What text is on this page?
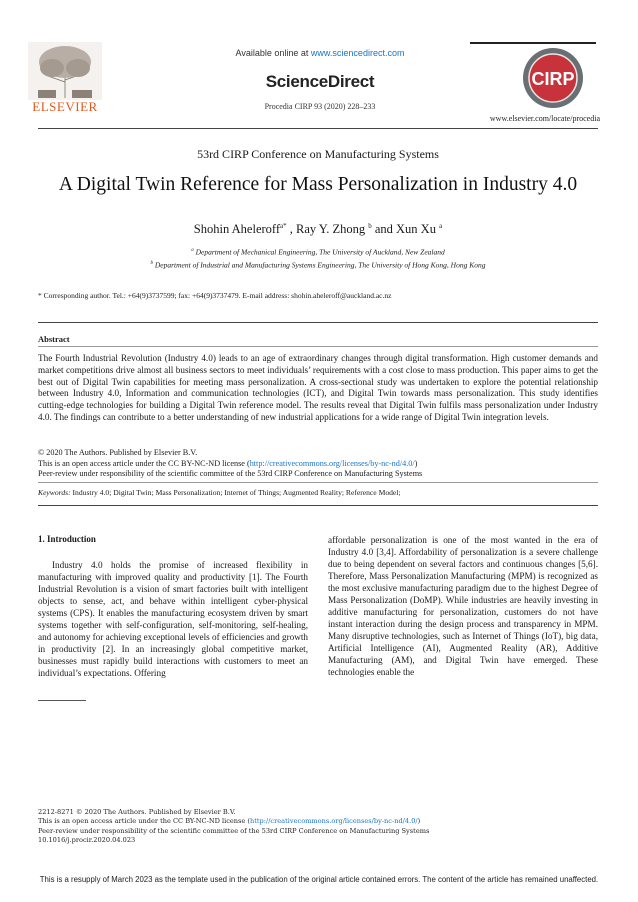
ELSEVIER
Available online at www.sciencedirect.com
ScienceDirect
Procedia CIRP 93 (2020) 228–233
CIRP
www.elsevier.com/locate/procedia
53rd CIRP Conference on Manufacturing Systems
A Digital Twin Reference for Mass Personalization in Industry 4.0
Shohin Aheleroff$^{a*}$ , Ray Y. Zhong $^b$ and Xun Xu $^a$
$^a$ Department of Mechanical Engineering, The University of Auckland, New Zealand
$^b$ Department of Industrial and Manufacturing Systems Engineering, The University of Hong Kong, Hong Kong
* Corresponding author. Tel.: +64(9)3737599; fax: +64(9)3737479. E-mail address: shohin.aheleroff@auckland.ac.nz
Abstract
The Fourth Industrial Revolution (Industry 4.0) leads to an age of extraordinary changes through digital transformation. High customer demands and market competitions drive almost all business sectors to meet individuals’ requirements with a cost close to mass production. This paper aims to get the best out of Digital Twin capabilities for meeting mass personalization. A cross-sectional study was undertaken to explore the potential relationship between Industry 4.0, Information and communication technologies (ICT), and Digital Twin towards mass personalization. This study identifies cutting-edge technologies for building a Digital Twin reference model. The results reveal that Digital Twin fulfils mass personalization under Industry 4.0. The findings can contribute to a better understanding of new industrial applications for a wide range of Digital Twin integration levels.
© 2020 The Authors. Published by Elsevier B.V.
This is an open access article under the CC BY-NC-ND license (http://creativecommons.org/licenses/by-nc-nd/4.0/)
Peer-review under responsibility of the scientific committee of the 53rd CIRP Conference on Manufacturing Systems
Keywords: Industry 4.0; Digital Twin; Mass Personalization; Internet of Things; Augmented Reality; Reference Model;
1. Introduction
Industry 4.0 holds the promise of increased flexibility in manufacturing with improved quality and productivity [1]. The Fourth Industrial Revolution is a vision of smart factories built with intelligent objects to sense, act, and behave within intelligent cyber-physical systems (CPS). It enables the manufacturing ecosystem driven by smart systems together with self-configuration, self-monitoring, self-healing, and autonomy for achieving exceptional levels of efficiencies and growth in productivity [2]. In an increasingly global competitive market, businesses must rapidly build interactions with customers to meet an individual’s expectations. Offering
affordable personalization is one of the most wanted in the era of Industry 4.0 [3,4]. Affordability of personalization is a severe challenge due to being dependent on several factors and continuous changes [5,6]. Therefore, Mass Personalization Manufacturing (MPM) is recognized as the most exclusive manufacturing paradigm due to the highest Degree of Mass Personalization (DoMP). While industries are heavily investing in additive manufacturing for personalization, customers do not have instant interaction during the design process and transparency in MPM. Many disruptive technologies, such as Internet of Things (IoT), big data, Artificial Intelligence (AI), Augmented Reality (AR), Additive Manufacturing (AM), and Digital Twin have emerged. These technologies enable the
2212-8271 © 2020 The Authors. Published by Elsevier B.V.
This is an open access article under the CC BY-NC-ND license (http://creativecommons.org/licenses/by-nc-nd/4.0/)
Peer-review under responsibility of the scientific committee of the 53rd CIRP Conference on Manufacturing Systems
10.1016/j.procir.2020.04.023
This is a resupply of March 2023 as the template used in the publication of the original article contained errors. The content of the article has remained unaffected.
